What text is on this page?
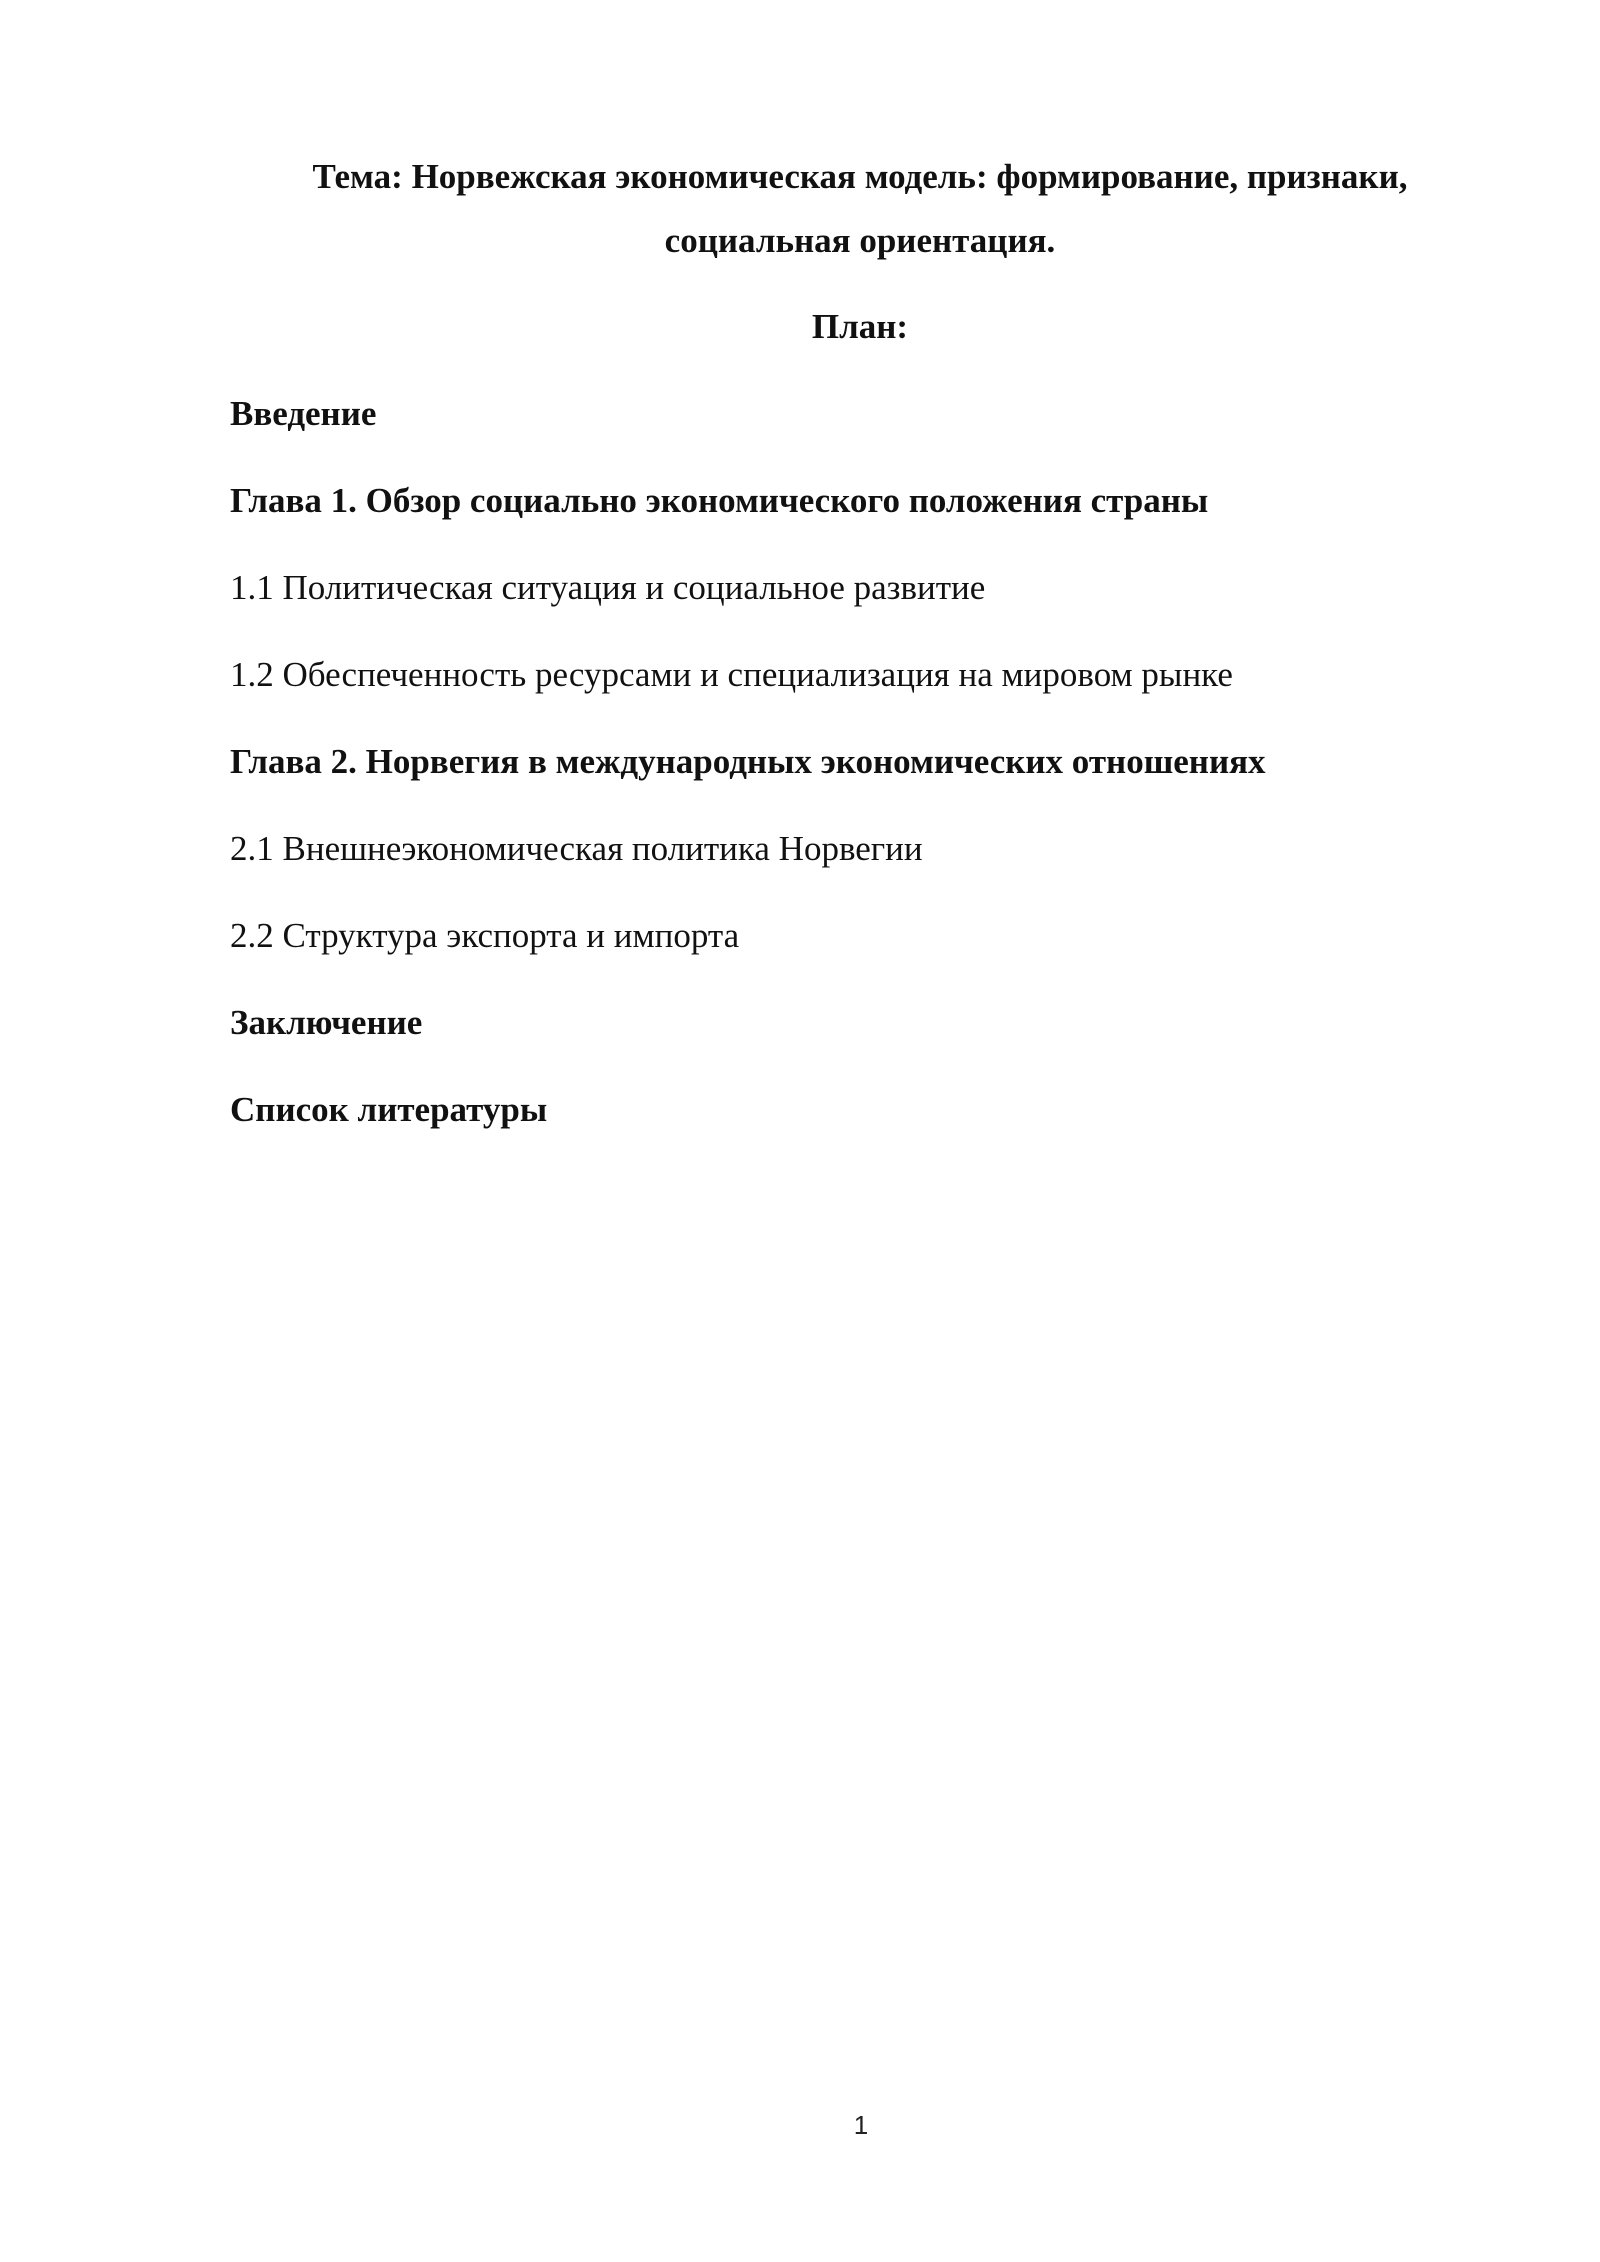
Тема: Норвежская экономическая модель: формирование, признаки,

социальная ориентация.

План:

Введение

Глава 1. Обзор социально экономического положения страны

1.1 Политическая ситуация и социальное развитие

1.2 Обеспеченность ресурсами и специализация на мировом рынке

Глава 2. Норвегия в международных экономических отношениях

2.1 Внешнеэкономическая политика Норвегии

2.2 Структура экспорта и импорта

Заключение

Список литературы

1
